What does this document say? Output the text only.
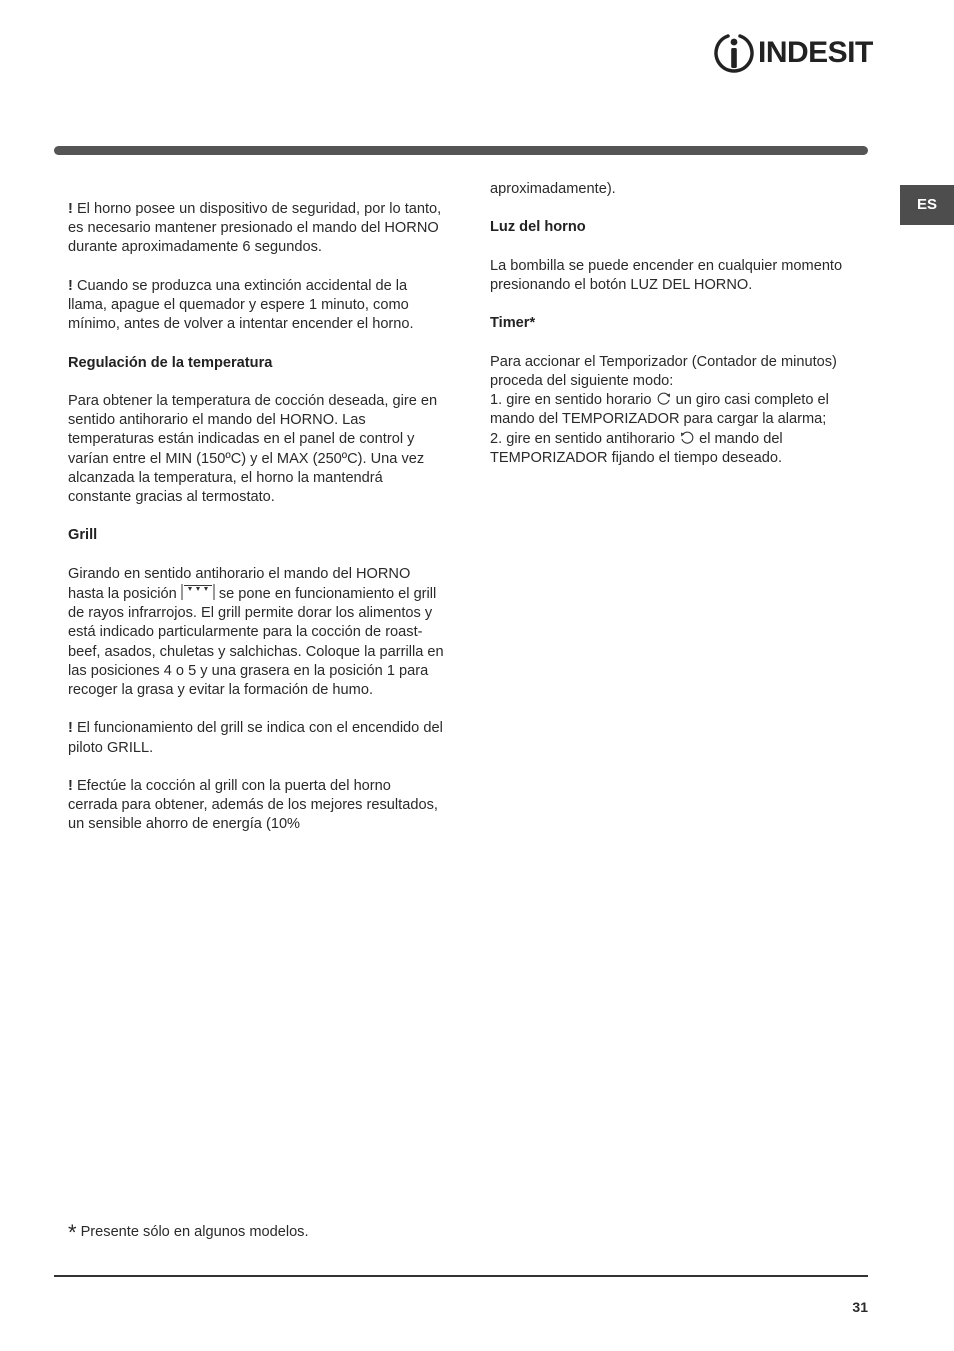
INDESIT
ES

! El horno posee un dispositivo de seguridad, por lo tanto, es necesario mantener presionado el mando del HORNO durante aproximadamente 6 segundos.

! Cuando se produzca una extinción accidental de la llama, apague el quemador y espere 1 minuto, como mínimo, antes de volver a intentar encender el horno.

Regulación de la temperatura

Para obtener la temperatura de cocción deseada, gire en sentido antihorario el mando del HORNO. Las temperaturas están indicadas en el panel de control y varían entre el MIN (150ºC) y el MAX (250ºC). Una vez alcanzada la temperatura, el horno la mantendrá constante gracias al termostato.

Grill

Girando en sentido antihorario el mando del HORNO hasta la posición	se pone en funcionamiento el grill de rayos infrarrojos. El grill permite dorar los alimentos y está indicado particularmente para la cocción de roast-beef, asados, chuletas y salchichas. Coloque la parrilla en las posiciones 4 o 5 y una grasera en la posición 1 para recoger la grasa y evitar la formación de humo.

! El funcionamiento del grill se indica con el encendido del piloto GRILL.

! Efectúe la cocción al grill con la puerta del horno cerrada para obtener, además de los mejores resultados, un sensible ahorro de energía (10%

aproximadamente).

Luz del horno

La bombilla se puede encender en cualquier momento presionando el botón LUZ DEL HORNO.

Timer*

Para accionar el Temporizador (Contador de minutos) proceda del siguiente modo:
1. gire en sentido horario un giro casi completo el mando del TEMPORIZADOR para cargar la alarma;
2. gire en sentido antihorario el mando del TEMPORIZADOR fijando el tiempo deseado.

* Presente sólo en algunos modelos.
31
